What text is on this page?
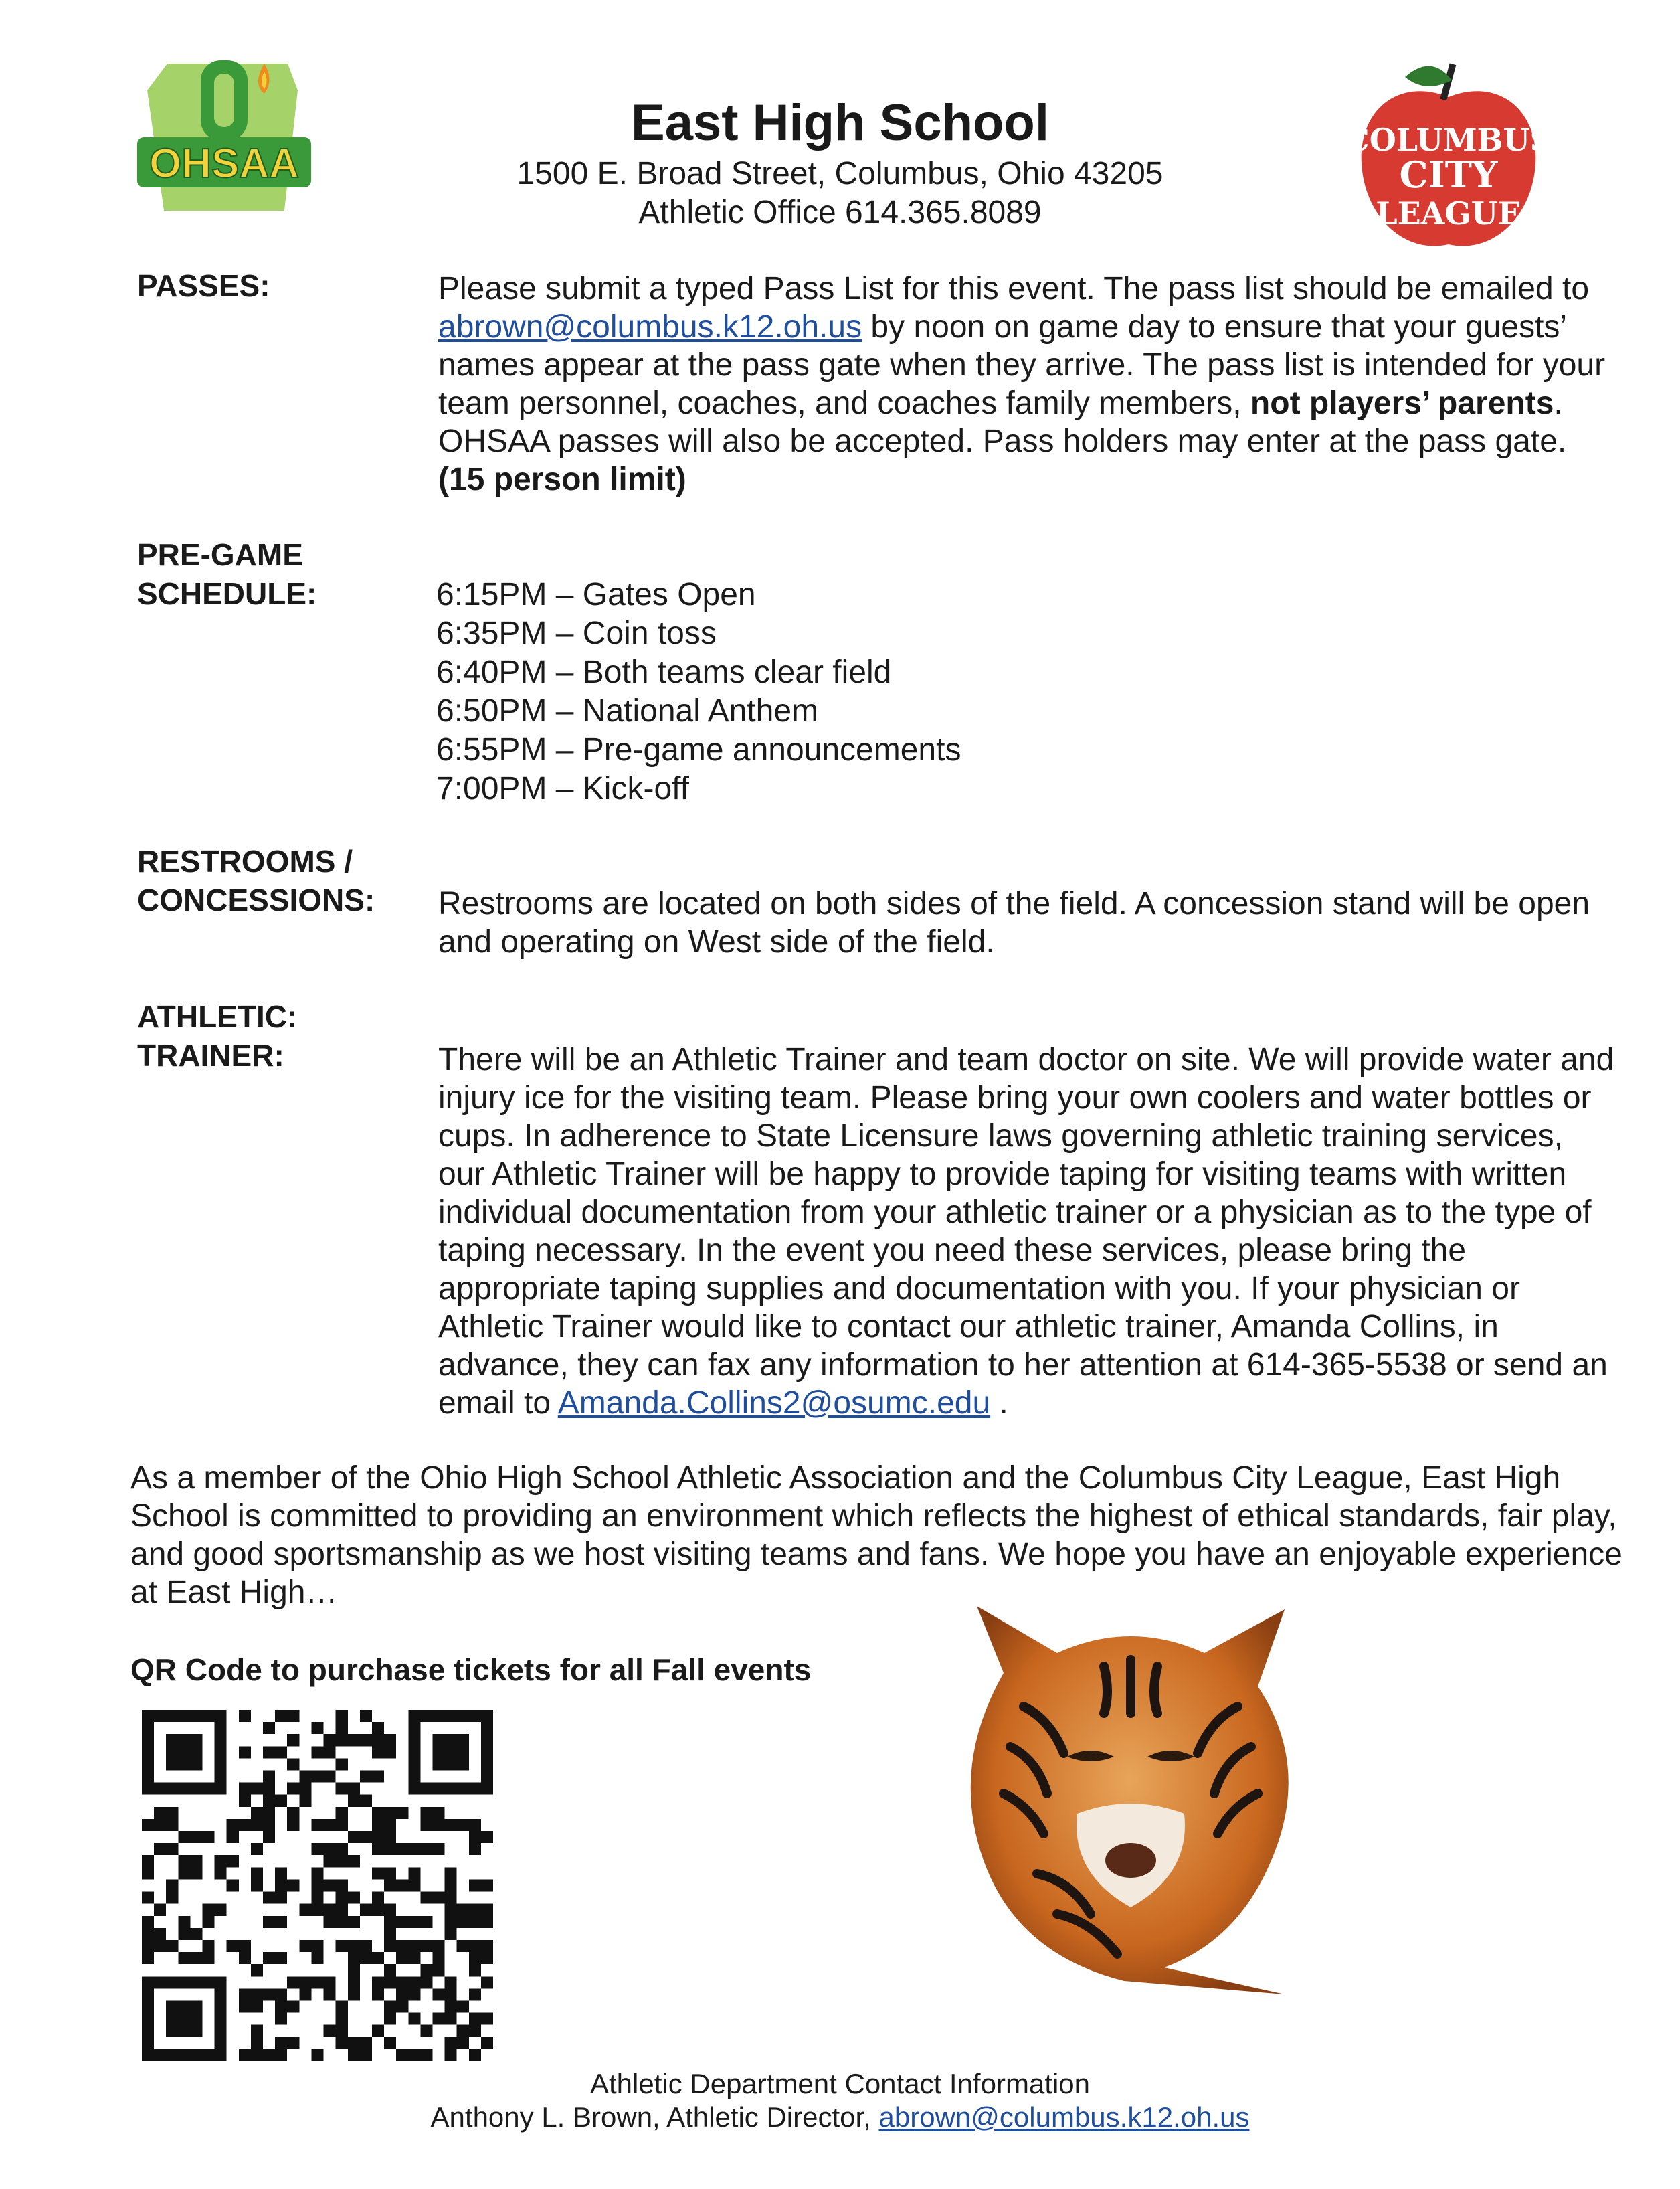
OHSAA
COLUMBUS
CITY
LEAGUE
East High School
1500 E. Broad Street, Columbus, Ohio 43205
Athletic Office 614.365.8089
PASSES:	Please submit a typed Pass List for this event. The pass list should be emailed to abrown@columbus.k12.oh.us by noon on game day to ensure that your guests’ names appear at the pass gate when they arrive. The pass list is intended for your team personnel, coaches, and coaches family members, not players’ parents. OHSAA passes will also be accepted. Pass holders may enter at the pass gate. (15 person limit)
PRE-GAME
SCHEDULE:	6:15PM – Gates Open
6:35PM – Coin toss
6:40PM – Both teams clear field
6:50PM – National Anthem
6:55PM – Pre-game announcements
7:00PM – Kick-off
RESTROOMS /
CONCESSIONS: Restrooms are located on both sides of the field. A concession stand will be open and operating on West side of the field.
ATHLETIC:
TRAINER:	There will be an Athletic Trainer and team doctor on site. We will provide water and injury ice for the visiting team. Please bring your own coolers and water bottles or cups. In adherence to State Licensure laws governing athletic training services, our Athletic Trainer will be happy to provide taping for visiting teams with written individual documentation from your athletic trainer or a physician as to the type of taping necessary. In the event you need these services, please bring the appropriate taping supplies and documentation with you. If your physician or Athletic Trainer would like to contact our athletic trainer, Amanda Collins, in advance, they can fax any information to her attention at 614-365-5538 or send an email to Amanda.Collins2@osumc.edu .
As a member of the Ohio High School Athletic Association and the Columbus City League, East High School is committed to providing an environment which reflects the highest of ethical standards, fair play, and good sportsmanship as we host visiting teams and fans. We hope you have an enjoyable experience at East High…
QR Code to purchase tickets for all Fall events
Athletic Department Contact Information
Anthony L. Brown, Athletic Director, abrown@columbus.k12.oh.us
